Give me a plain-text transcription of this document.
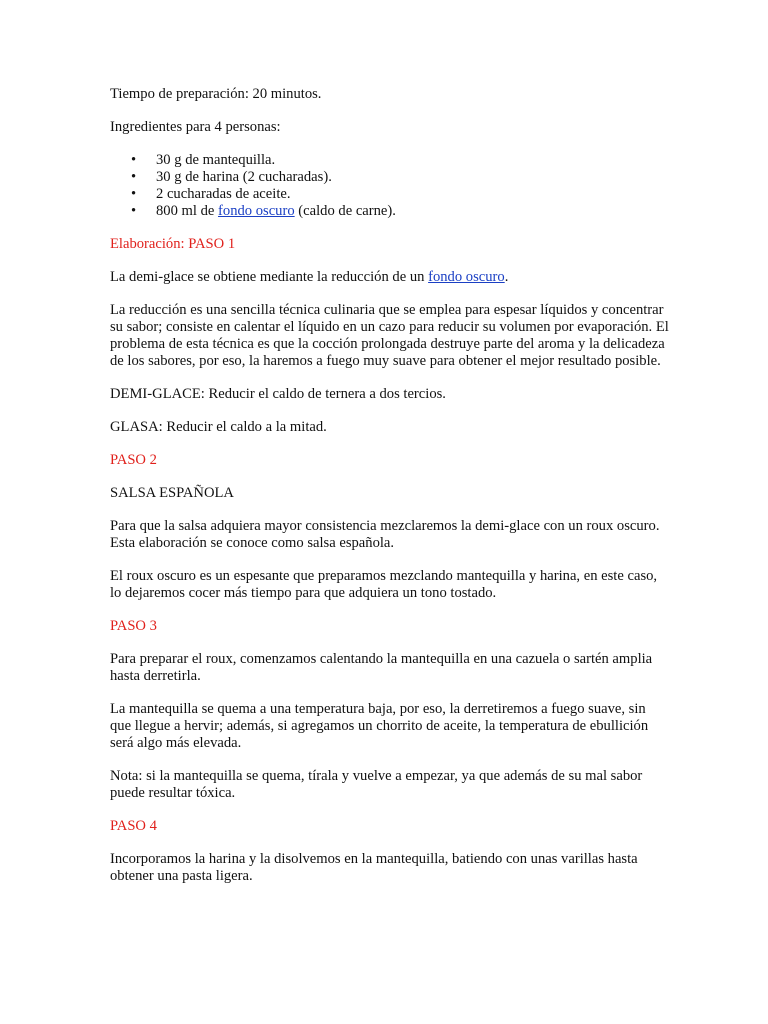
Tiempo de preparación: 20 minutos.

Ingredientes para 4 personas:

• 30 g de mantequilla.
• 30 g de harina (2 cucharadas).
• 2 cucharadas de aceite.
• 800 ml de fondo oscuro (caldo de carne).

Elaboración: PASO 1

La demi-glace se obtiene mediante la reducción de un fondo oscuro.

La reducción es una sencilla técnica culinaria que se emplea para espesar líquidos y concentrar su sabor; consiste en calentar el líquido en un cazo para reducir su volumen por evaporación. El problema de esta técnica es que la cocción prolongada destruye parte del aroma y la delicadeza de los sabores, por eso, la haremos a fuego muy suave para obtener el mejor resultado posible.

DEMI-GLACE: Reducir el caldo de ternera a dos tercios.

GLASA: Reducir el caldo a la mitad.

PASO 2

SALSA ESPAÑOLA

Para que la salsa adquiera mayor consistencia mezclaremos la demi-glace con un roux oscuro. Esta elaboración se conoce como salsa española.

El roux oscuro es un espesante que preparamos mezclando mantequilla y harina, en este caso, lo dejaremos cocer más tiempo para que adquiera un tono tostado.

PASO 3

Para preparar el roux, comenzamos calentando la mantequilla en una cazuela o sartén amplia hasta derretirla.

La mantequilla se quema a una temperatura baja, por eso, la derretiremos a fuego suave, sin que llegue a hervir; además, si agregamos un chorrito de aceite, la temperatura de ebullición será algo más elevada.

Nota: si la mantequilla se quema, tírala y vuelve a empezar, ya que además de su mal sabor puede resultar tóxica.

PASO 4

Incorporamos la harina y la disolvemos en la mantequilla, batiendo con unas varillas hasta obtener una pasta ligera.
